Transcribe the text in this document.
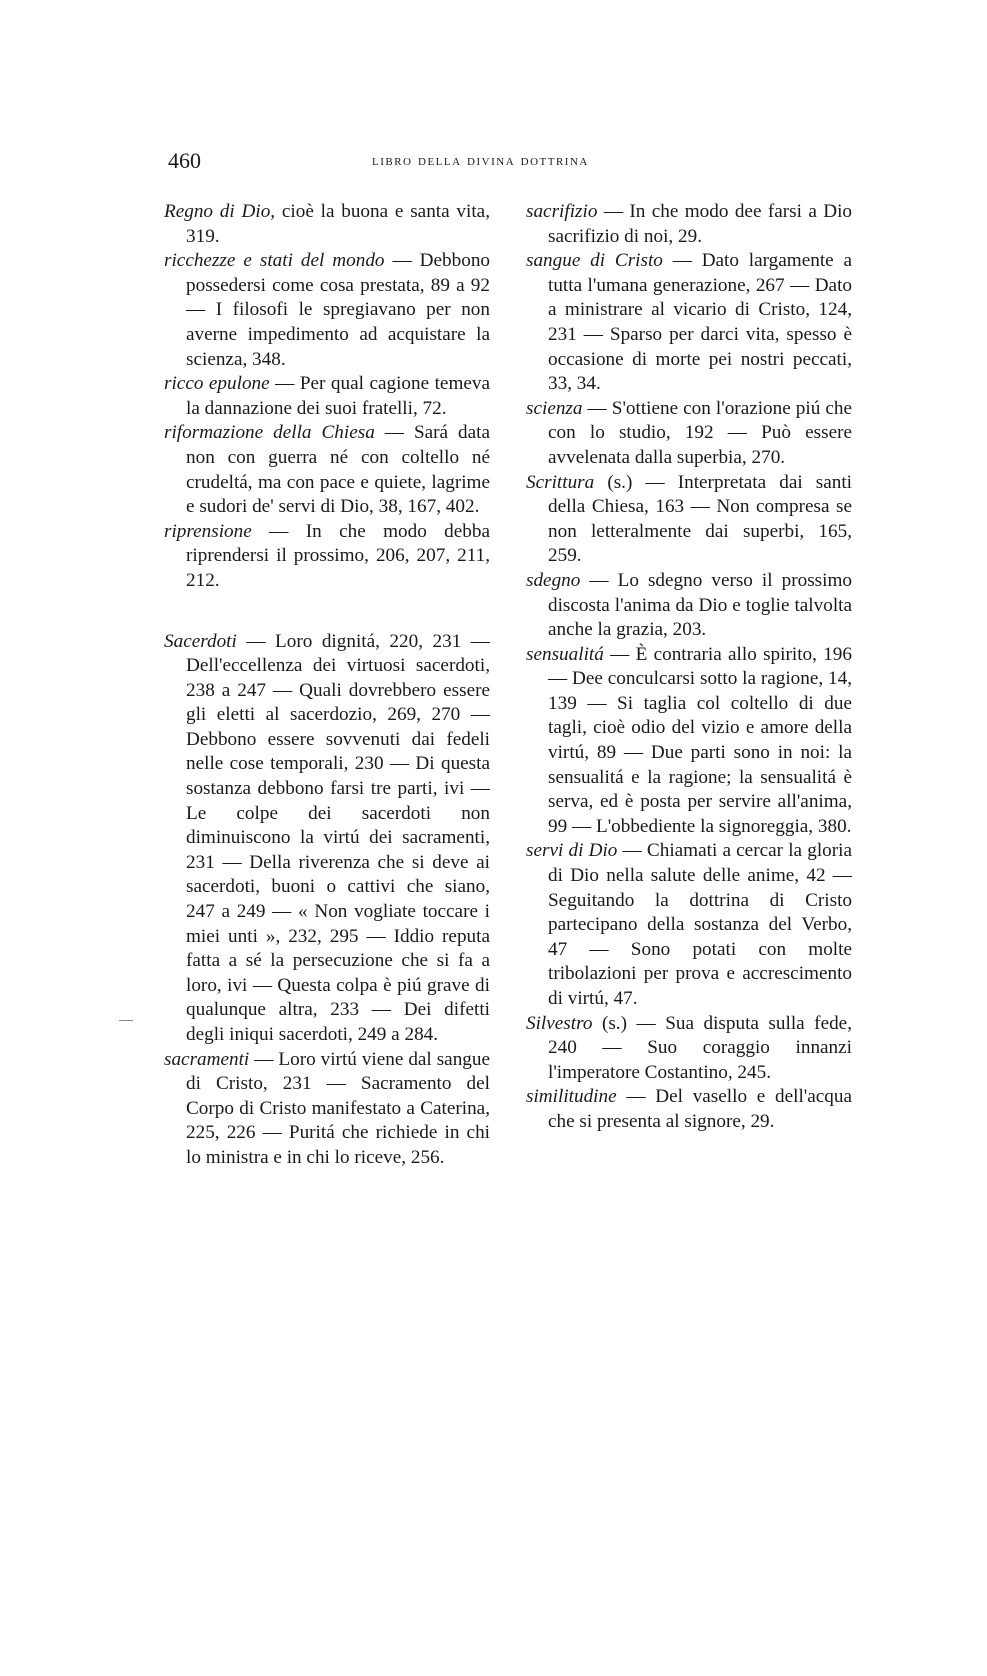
460	libro della divina dottrina

Regno di Dio, cioè la buona e santa vita, 319.

ricchezze e stati del mondo — Debbono possedersi come cosa prestata, 89 a 92 — I filosofi le spregiavano per non averne impedimento ad acquistare la scienza, 348.

ricco epulone — Per qual cagione temeva la dannazione dei suoi fratelli, 72.

riformazione della Chiesa — Sará data non con guerra né con coltello né crudeltá, ma con pace e quiete, lagrime e sudori de' servi di Dio, 38, 167, 402.

riprensione — In che modo debba riprendersi il prossimo, 206, 207, 211, 212.

Sacerdoti — Loro dignitá, 220, 231 — Dell'eccellenza dei virtuosi sacerdoti, 238 a 247 — Quali dovrebbero essere gli eletti al sacerdozio, 269, 270 — Debbono essere sovvenuti dai fedeli nelle cose temporali, 230 — Di questa sostanza debbono farsi tre parti, ivi — Le colpe dei sacerdoti non diminuiscono la virtú dei sacramenti, 231 — Della riverenza che si deve ai sacerdoti, buoni o cattivi che siano, 247 a 249 — « Non vogliate toccare i miei unti », 232, 295 — Iddio reputa fatta a sé la persecuzione che si fa a loro, ivi — Questa colpa è piú grave di qualunque altra, 233 — Dei difetti degli iniqui sacerdoti, 249 a 284.

sacramenti — Loro virtú viene dal sangue di Cristo, 231 — Sacramento del Corpo di Cristo manifestato a Caterina, 225, 226 — Puritá che richiede in chi lo ministra e in chi lo riceve, 256.

sacrifizio — In che modo dee farsi a Dio sacrifizio di noi, 29.

sangue di Cristo — Dato largamente a tutta l'umana generazione, 267 — Dato a ministrare al vicario di Cristo, 124, 231 — Sparso per darci vita, spesso è occasione di morte pei nostri peccati, 33, 34.

scienza — S'ottiene con l'orazione piú che con lo studio, 192 — Può essere avvelenata dalla superbia, 270.

Scrittura (s.) — Interpretata dai santi della Chiesa, 163 — Non compresa se non letteralmente dai superbi, 165, 259.

sdegno — Lo sdegno verso il prossimo discosta l'anima da Dio e toglie talvolta anche la grazia, 203.

sensualitá — È contraria allo spirito, 196 — Dee conculcarsi sotto la ragione, 14, 139 — Si taglia col coltello di due tagli, cioè odio del vizio e amore della virtú, 89 — Due parti sono in noi: la sensualitá e la ragione; la sensualitá è serva, ed è posta per servire all'anima, 99 — L'obbediente la signoreggia, 380.

servi di Dio — Chiamati a cercar la gloria di Dio nella salute delle anime, 42 — Seguitando la dottrina di Cristo partecipano della sostanza del Verbo, 47 — Sono potati con molte tribolazioni per prova e accrescimento di virtú, 47.

Silvestro (s.) — Sua disputa sulla fede, 240 — Suo coraggio innanzi l'imperatore Costantino, 245.

similitudine — Del vasello e dell'acqua che si presenta al signore, 29.
